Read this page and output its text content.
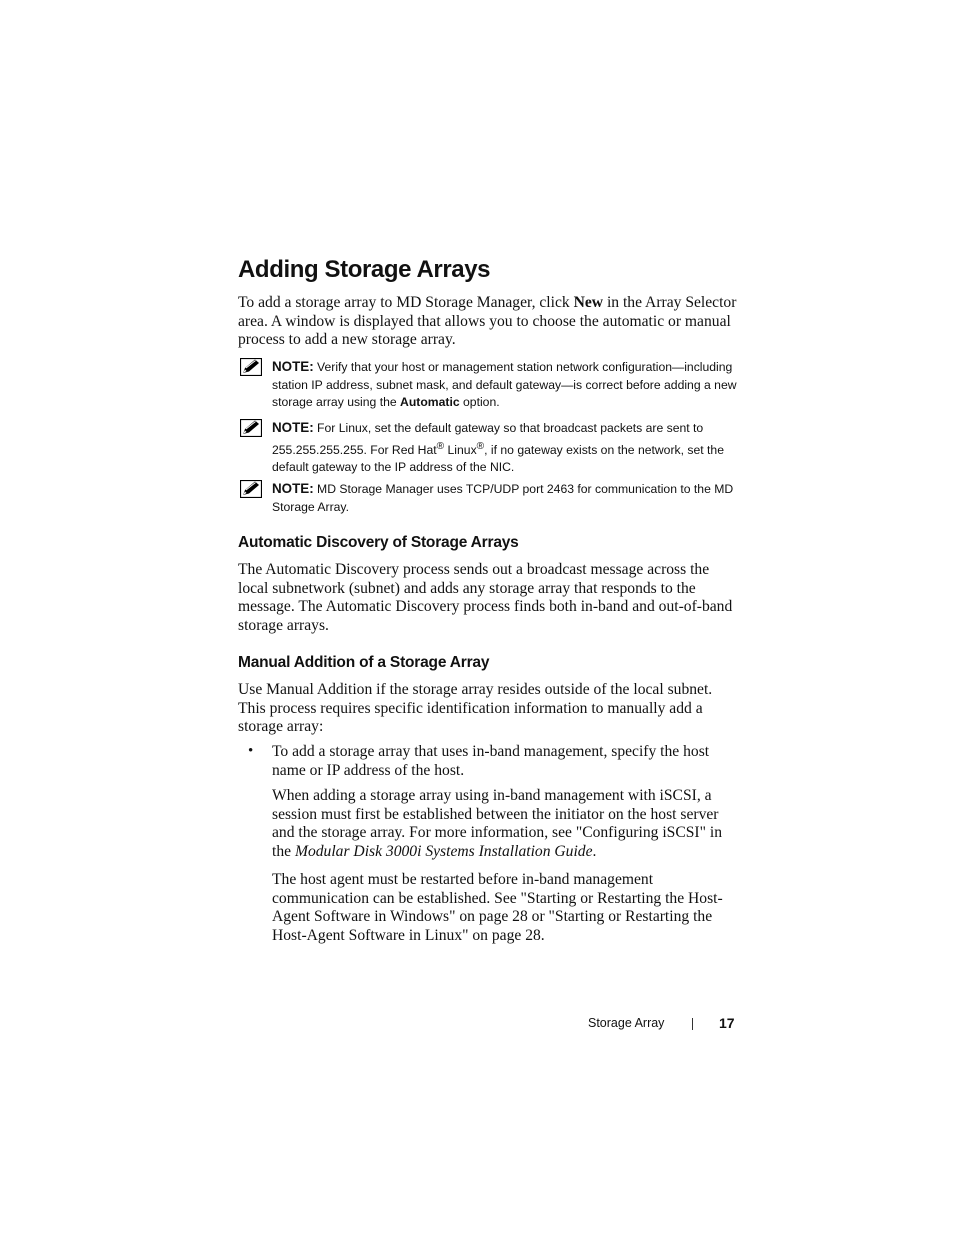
Adding Storage Arrays

To add a storage array to MD Storage Manager, click New in the Array Selector area. A window is displayed that allows you to choose the automatic or manual process to add a new storage array.

NOTE: Verify that your host or management station network configuration—including station IP address, subnet mask, and default gateway—is correct before adding a new storage array using the Automatic option.
NOTE: For Linux, set the default gateway so that broadcast packets are sent to 255.255.255.255. For Red Hat® Linux®, if no gateway exists on the network, set the default gateway to the IP address of the NIC.
NOTE: MD Storage Manager uses TCP/UDP port 2463 for communication to the MD Storage Array.
Automatic Discovery of Storage Arrays

The Automatic Discovery process sends out a broadcast message across the local subnetwork (subnet) and adds any storage array that responds to the message. The Automatic Discovery process finds both in-band and out-of-band storage arrays.

Manual Addition of a Storage Array

Use Manual Addition if the storage array resides outside of the local subnet. This process requires specific identification information to manually add a storage array:

• To add a storage array that uses in-band management, specify the host name or IP address of the host.

When adding a storage array using in-band management with iSCSI, a session must first be established between the initiator on the host server and the storage array. For more information, see "Configuring iSCSI" in the Modular Disk 3000i Systems Installation Guide.

The host agent must be restarted before in-band management communication can be established. See "Starting or Restarting the Host-Agent Software in Windows" on page 28 or "Starting or Restarting the Host-Agent Software in Linux" on page 28.

Storage Array	17
